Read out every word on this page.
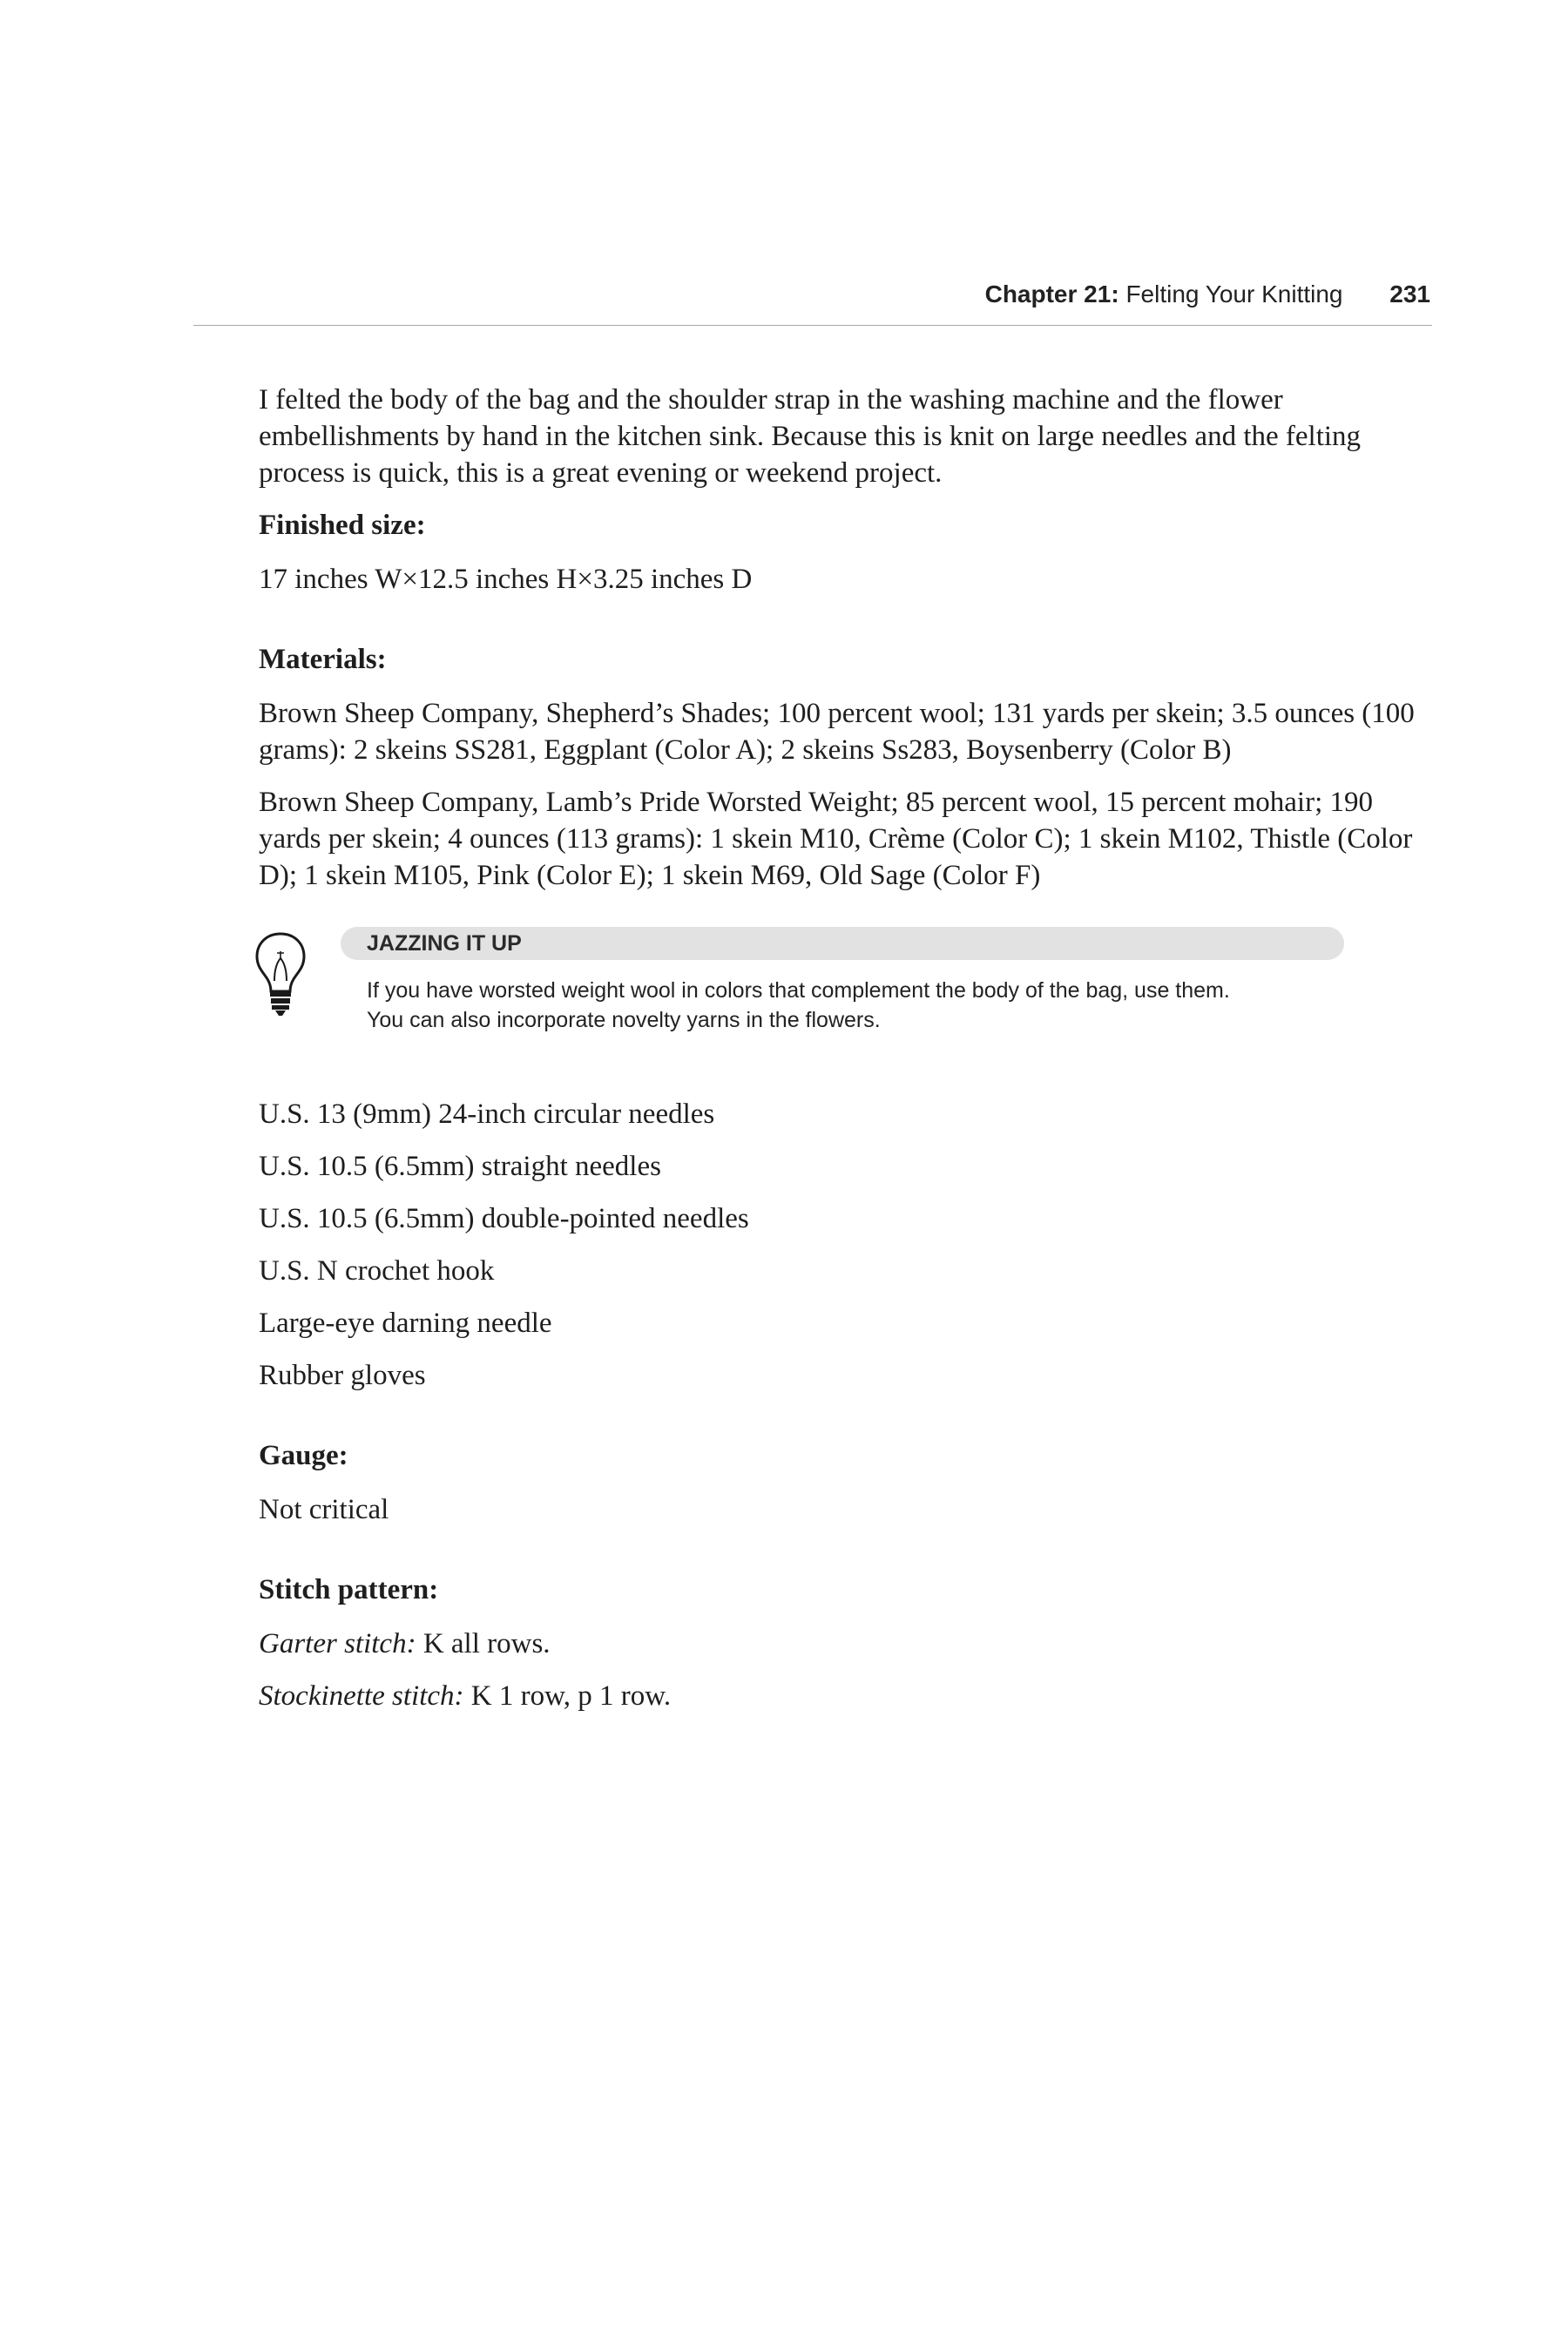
Chapter 21: Felting Your Knitting 231

I felted the body of the bag and the shoulder strap in the washing machine and the flower embellishments by hand in the kitchen sink. Because this is knit on large needles and the felting process is quick, this is a great evening or weekend project.

Finished size:
17 inches W×12.5 inches H×3.25 inches D
Materials:
Brown Sheep Company, Shepherd’s Shades; 100 percent wool; 131 yards per skein; 3.5 ounces (100 grams): 2 skeins SS281, Eggplant (Color A); 2 skeins Ss283, Boysenberry (Color B)
Brown Sheep Company, Lamb’s Pride Worsted Weight; 85 percent wool, 15 percent mohair; 190 yards per skein; 4 ounces (113 grams): 1 skein M10, Crème (Color C); 1 skein M102, Thistle (Color D); 1 skein M105, Pink (Color E); 1 skein M69, Old Sage (Color F)
JAZZING IT UP
If you have worsted weight wool in colors that complement the body of the bag, use them.
You can also incorporate novelty yarns in the flowers.
U.S. 13 (9mm) 24-inch circular needles
U.S. 10.5 (6.5mm) straight needles
U.S. 10.5 (6.5mm) double-pointed needles
U.S. N crochet hook
Large-eye darning needle
Rubber gloves
Gauge:
Not critical
Stitch pattern:
Garter stitch: K all rows.
Stockinette stitch: K 1 row, p 1 row.
